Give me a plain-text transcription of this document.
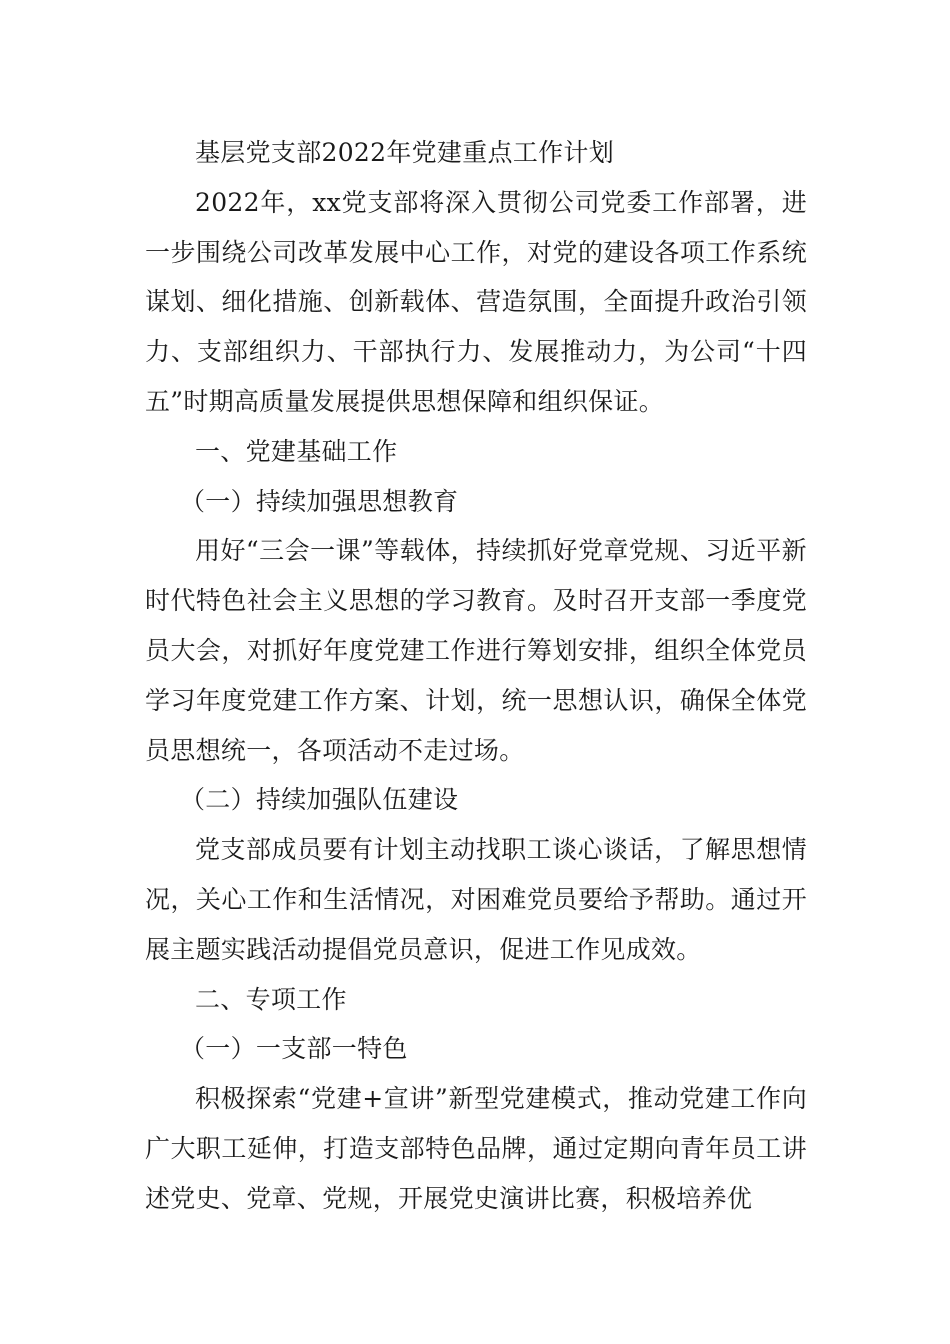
基层党支部2022年党建重点工作计划

2022年，xx党支部将深入贯彻公司党委工作部署，进一步围绕公司改革发展中心工作，对党的建设各项工作系统谋划、细化措施、创新载体、营造氛围，全面提升政治引领力、支部组织力、干部执行力、发展推动力，为公司“十四五”时期高质量发展提供思想保障和组织保证。

一、党建基础工作

（一）持续加强思想教育

用好“三会一课”等载体，持续抓好党章党规、习近平新时代特色社会主义思想的学习教育。及时召开支部一季度党员大会，对抓好年度党建工作进行筹划安排，组织全体党员学习年度党建工作方案、计划，统一思想认识，确保全体党员思想统一，各项活动不走过场。

（二）持续加强队伍建设

党支部成员要有计划主动找职工谈心谈话，了解思想情况，关心工作和生活情况，对困难党员要给予帮助。通过开展主题实践活动提倡党员意识，促进工作见成效。

二、专项工作

（一）一支部一特色

积极探索“党建+宣讲”新型党建模式，推动党建工作向广大职工延伸，打造支部特色品牌，通过定期向青年员工讲述党史、党章、党规，开展党史演讲比赛，积极培养优
